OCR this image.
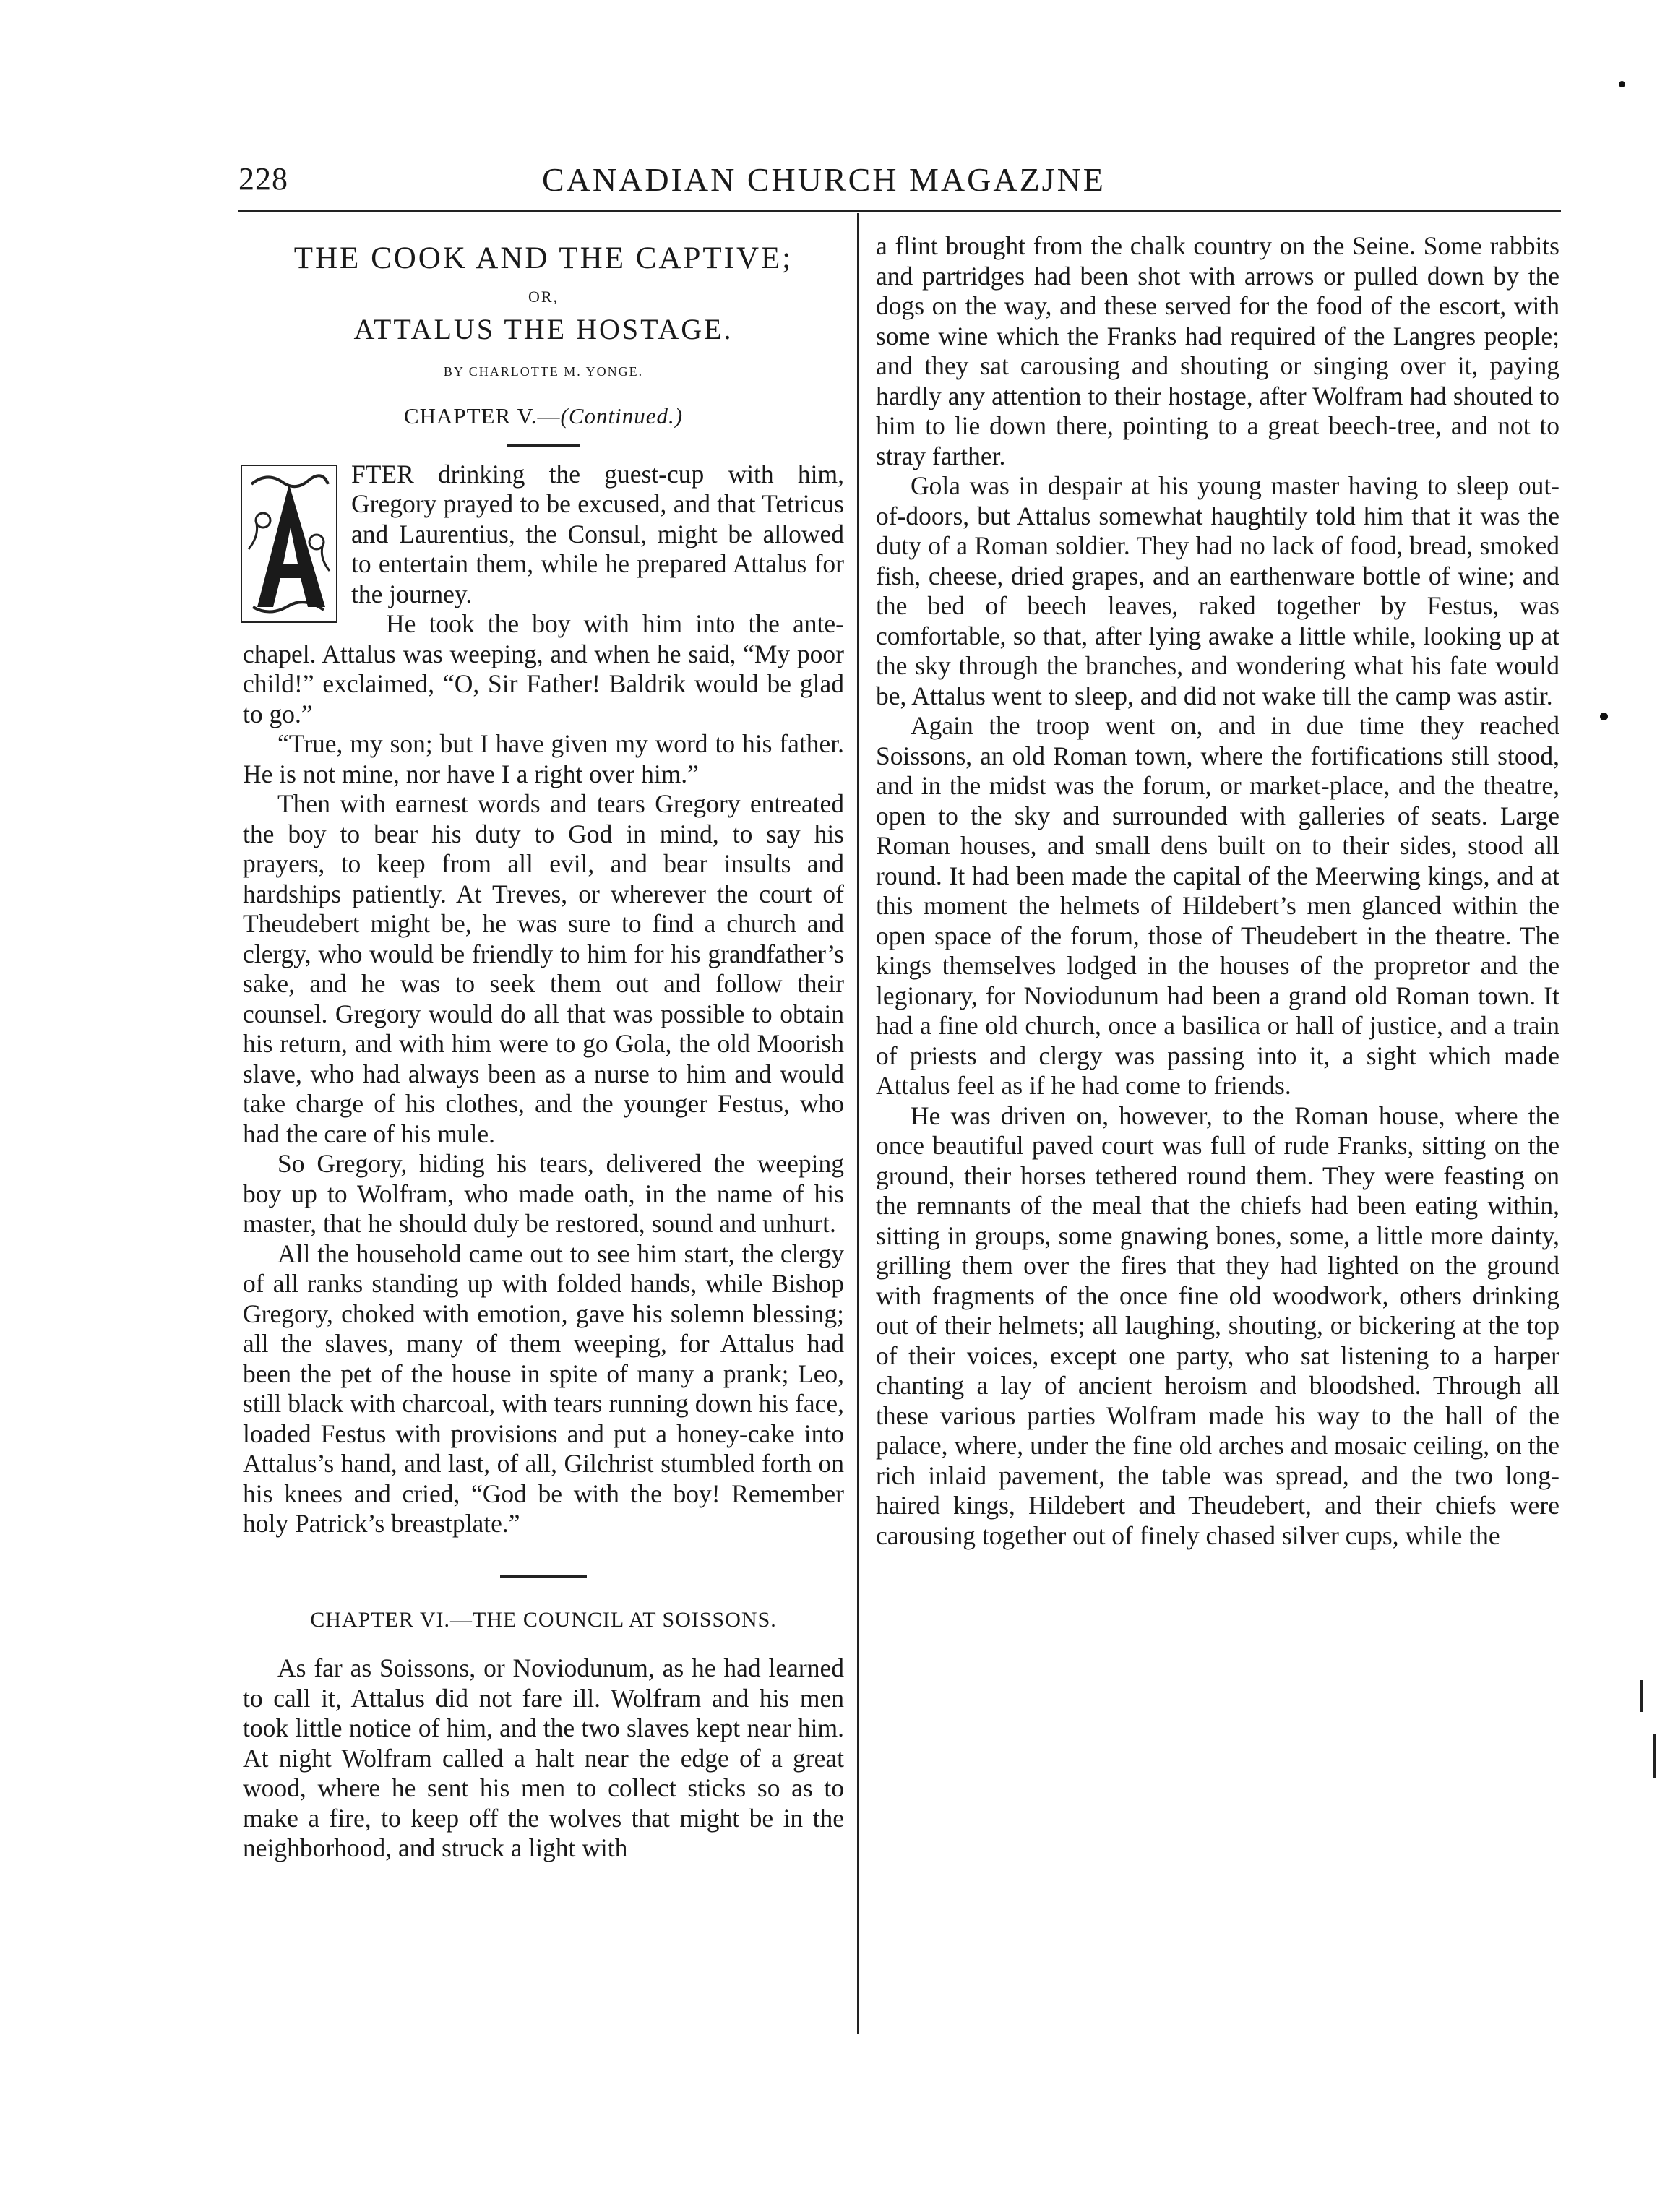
228	CANADIAN CHURCH MAGAZJNE
THE COOK AND THE CAPTIVE;
OR,
ATTALUS THE HOSTAGE.
BY CHARLOTTE M. YONGE.
CHAPTER V.—(Continued.)

FTER drinking the guest-cup with him, Gregory prayed to be excused, and that Tetricus and Laurentius, the Consul, might be allowed to entertain them, while he prepared Attalus for the journey.

He took the boy with him into the ante-chapel. Attalus was weeping, and when he said, “My poor child!” exclaimed, “O, Sir Father! Baldrik would be glad to go.”

“True, my son; but I have given my word to his father. He is not mine, nor have I a right over him.”

Then with earnest words and tears Gregory entreated the boy to bear his duty to God in mind, to say his prayers, to keep from all evil, and bear insults and hardships patiently. At Treves, or wherever the court of Theudebert might be, he was sure to find a church and clergy, who would be friendly to him for his grandfather’s sake, and he was to seek them out and follow their counsel. Gregory would do all that was possible to obtain his return, and with him were to go Gola, the old Moorish slave, who had always been as a nurse to him and would take charge of his clothes, and the younger Festus, who had the care of his mule.

So Gregory, hiding his tears, delivered the weeping boy up to Wolfram, who made oath, in the name of his master, that he should duly be restored, sound and unhurt.

All the household came out to see him start, the clergy of all ranks standing up with folded hands, while Bishop Gregory, choked with emotion, gave his solemn blessing; all the slaves, many of them weeping, for Attalus had been the pet of the house in spite of many a prank; Leo, still black with charcoal, with tears running down his face, loaded Festus with provisions and put a honey-cake into Attalus’s hand, and last, of all, Gilchrist stumbled forth on his knees and cried, “God be with the boy! Remember holy Patrick’s breastplate.”

CHAPTER VI.—THE COUNCIL AT SOISSONS.

As far as Soissons, or Noviodunum, as he had learned to call it, Attalus did not fare ill. Wolfram and his men took little notice of him, and the two slaves kept near him. At night Wolfram called a halt near the edge of a great wood, where he sent his men to collect sticks so as to make a fire, to keep off the wolves that might be in the neighborhood, and struck a light with

a flint brought from the chalk country on the Seine. Some rabbits and partridges had been shot with arrows or pulled down by the dogs on the way, and these served for the food of the escort, with some wine which the Franks had required of the Langres people; and they sat carousing and shouting or singing over it, paying hardly any attention to their hostage, after Wolfram had shouted to him to lie down there, pointing to a great beech-tree, and not to stray farther.

Gola was in despair at his young master having to sleep out-of-doors, but Attalus somewhat haughtily told him that it was the duty of a Roman soldier. They had no lack of food, bread, smoked fish, cheese, dried grapes, and an earthenware bottle of wine; and the bed of beech leaves, raked together by Festus, was comfortable, so that, after lying awake a little while, looking up at the sky through the branches, and wondering what his fate would be, Attalus went to sleep, and did not wake till the camp was astir.

Again the troop went on, and in due time they reached Soissons, an old Roman town, where the fortifications still stood, and in the midst was the forum, or market-place, and the theatre, open to the sky and surrounded with galleries of seats. Large Roman houses, and small dens built on to their sides, stood all round. It had been made the capital of the Meerwing kings, and at this moment the helmets of Hildebert’s men glanced within the open space of the forum, those of Theudebert in the theatre. The kings themselves lodged in the houses of the propretor and the legionary, for Noviodunum had been a grand old Roman town. It had a fine old church, once a basilica or hall of justice, and a train of priests and clergy was passing into it, a sight which made Attalus feel as if he had come to friends.

He was driven on, however, to the Roman house, where the once beautiful paved court was full of rude Franks, sitting on the ground, their horses tethered round them. They were feasting on the remnants of the meal that the chiefs had been eating within, sitting in groups, some gnawing bones, some, a little more dainty, grilling them over the fires that they had lighted on the ground with fragments of the once fine old woodwork, others drinking out of their helmets; all laughing, shouting, or bickering at the top of their voices, except one party, who sat listening to a harper chanting a lay of ancient heroism and bloodshed. Through all these various parties Wolfram made his way to the hall of the palace, where, under the fine old arches and mosaic ceiling, on the rich inlaid pavement, the table was spread, and the two long-haired kings, Hildebert and Theudebert, and their chiefs were carousing together out of finely chased silver cups, while the
